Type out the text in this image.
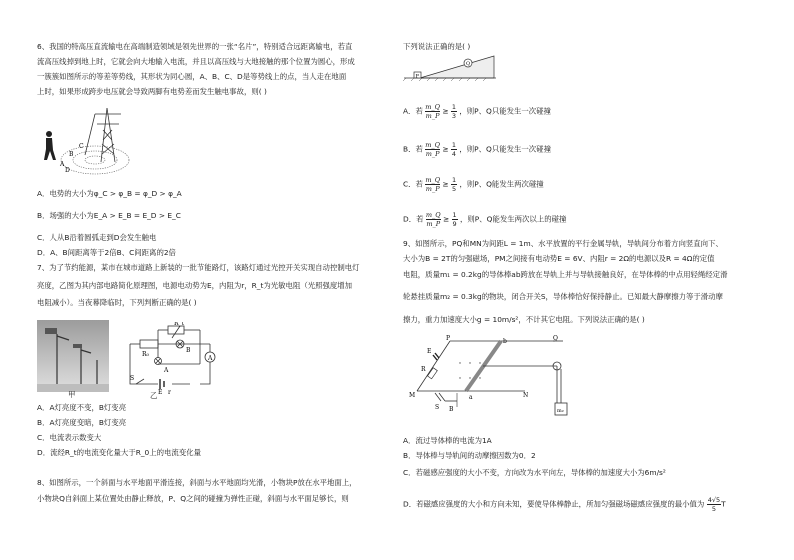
6、我国的特高压直流输电在高端制造领域是领先世界的一张“名片”，特别适合远距离输电，若直
流高压线掉到地上时，它就会向大地输入电流，并且以高压线与大地接触的那个位置为圆心，形成
一簇簇如图所示的等差等势线，其形状为同心圆，A、B、C、D是等势线上的点，当人走在地面
上时，如果形成跨步电压就会导致两脚有电势差而发生触电事故，则( )
A
B
C
D
A．电势的大小为φ_C > φ_B = φ_D > φ_A
B．场强的大小为E_A > E_B = E_D > E_C
C．人从B沿着圆弧走到D会发生触电
D．A、B间距离等于2倍B、C间距离的2倍
7、为了节约能源，某市在城市道路上新装的一批节能路灯，该路灯通过光控开关实现自动控制电灯
亮度，乙图为其内部电路简化原理图，电源电动势为E，内阻为r，R_t为光敏电阻（光照强度增加
电阻减小）。当夜幕降临时，下列判断正确的是( )
甲
R_t
R₀
A
B
A
S
E r
乙
A．A灯亮度不变，B灯变亮
B．A灯亮度变暗，B灯变亮
C．电流表示数变大
D．流经R_t的电流变化量大于R_0上的电流变化量
8、如图所示，一个斜面与水平地面平滑连接，斜面与水平地面均光滑，小物块P放在水平地面上，
小物块Q自斜面上某位置处由静止释放，P、Q之间的碰撞为弹性正碰，斜面与水平面足够长，则
下列说法正确的是( )
P
Q
A．若 $\frac{m\_Q}{m\_P} \ge \frac{1}{3}$ ，则P、Q只能发生一次碰撞
B．若 $\frac{m\_Q}{m\_P} \ge \frac{1}{4}$ ，则P、Q只能发生一次碰撞
C．若 $\frac{m\_Q}{m\_P} \ge \frac{1}{5}$ ，则P、Q能发生两次碰撞
D．若 $\frac{m\_Q}{m\_P} \ge \frac{1}{9}$ ，则P、Q能发生两次以上的碰撞
9、如图所示，PQ和MN为间距L = 1m、水平放置的平行金属导轨，导轨间分布着方向竖直向下、
大小为B = 2T的匀强磁场，PM之间接有电动势E = 6V、内阻r = 2Ω的电源以及R = 4Ω的定值
电阻，质量m₁ = 0.2kg的导体棒ab跨放在导轨上并与导轨接触良好，在导体棒的中点用轻绳经定滑
轮悬挂质量m₂ = 0.3kg的物块，闭合开关S，导体棒恰好保持静止。已知最大静摩擦力等于滑动摩
擦力，重力加速度大小g = 10m/s²，不计其它电阻。下列说法正确的是( )
P	Q
M	N
E
R
S
a
b
B	m₂
A．流过导体棒的电流为1A
B．导体棒与导轨间的动摩擦因数为0．2
C．若磁感应强度的大小不变，方向改为水平向左，导体棒的加速度大小为6m/s²
D．若磁感应强度的大小和方向未知，要使导体棒静止，所加匀强磁场磁感应强度的最小值为 $\frac{4√5}{5}$ T
